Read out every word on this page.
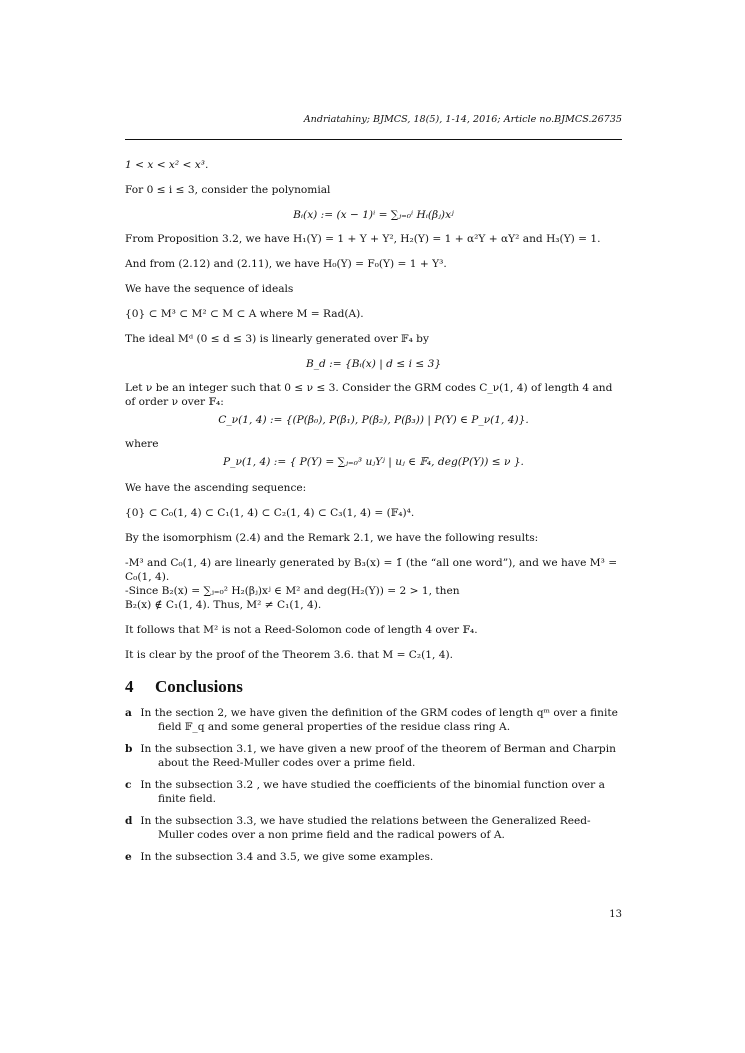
Andriatahiny; BJMCS, 18(5), 1-14, 2016; Article no.BJMCS.26735

1 < x < x² < x³.

For 0 ≤ i ≤ 3, consider the polynomial

Bᵢ(x) := (x − 1)ⁱ = ∑ⱼ₌₀ⁱ Hᵢ(βⱼ)xʲ

From Proposition 3.2, we have H₁(Y) = 1 + Y + Y², H₂(Y) = 1 + α²Y + αY² and H₃(Y) = 1.

And from (2.12) and (2.11), we have H₀(Y) = F₀(Y) = 1 + Y³.

We have the sequence of ideals

{0} ⊂ M³ ⊂ M² ⊂ M ⊂ A where M = Rad(A).

The ideal Mᵈ (0 ≤ d ≤ 3) is linearly generated over 𝔽₄ by

B_d := {Bᵢ(x) | d ≤ i ≤ 3}

Let ν be an integer such that 0 ≤ ν ≤ 3. Consider the GRM codes C_ν(1, 4) of length 4 and of order ν over 𝔽₄:

C_ν(1, 4) := {(P(β₀), P(β₁), P(β₂), P(β₃)) | P(Y) ∈ P_ν(1, 4)}.

where

P_ν(1, 4) := { P(Y) = ∑ⱼ₌₀³ uⱼYʲ | uⱼ ∈ 𝔽₄, deg(P(Y)) ≤ ν }.

We have the ascending sequence:

{0} ⊂ C₀(1, 4) ⊂ C₁(1, 4) ⊂ C₂(1, 4) ⊂ C₃(1, 4) = (𝔽₄)⁴.

By the isomorphism (2.4) and the Remark 2.1, we have the following results:

-M³ and C₀(1, 4) are linearly generated by B₃(x) = 1̄ (the “all one word”), and we have M³ = C₀(1, 4).
-Since B₂(x) = ∑ⱼ₌₀² H₂(βⱼ)xʲ ∈ M² and deg(H₂(Y)) = 2 > 1, then
B₂(x) ∉ C₁(1, 4). Thus, M² ≠ C₁(1, 4).

It follows that M² is not a Reed-Solomon code of length 4 over 𝔽₄.

It is clear by the proof of the Theorem 3.6. that M = C₂(1, 4).

4 Conclusions
a In the section 2, we have given the definition of the GRM codes of length qᵐ over a finite field 𝔽_q and some general properties of the residue class ring A.
b In the subsection 3.1, we have given a new proof of the theorem of Berman and Charpin about the Reed-Muller codes over a prime field.
c In the subsection 3.2 , we have studied the coefficients of the binomial function over a finite field.
d In the subsection 3.3, we have studied the relations between the Generalized Reed-Muller codes over a non prime field and the radical powers of A.
e In the subsection 3.4 and 3.5, we give some examples.
13
